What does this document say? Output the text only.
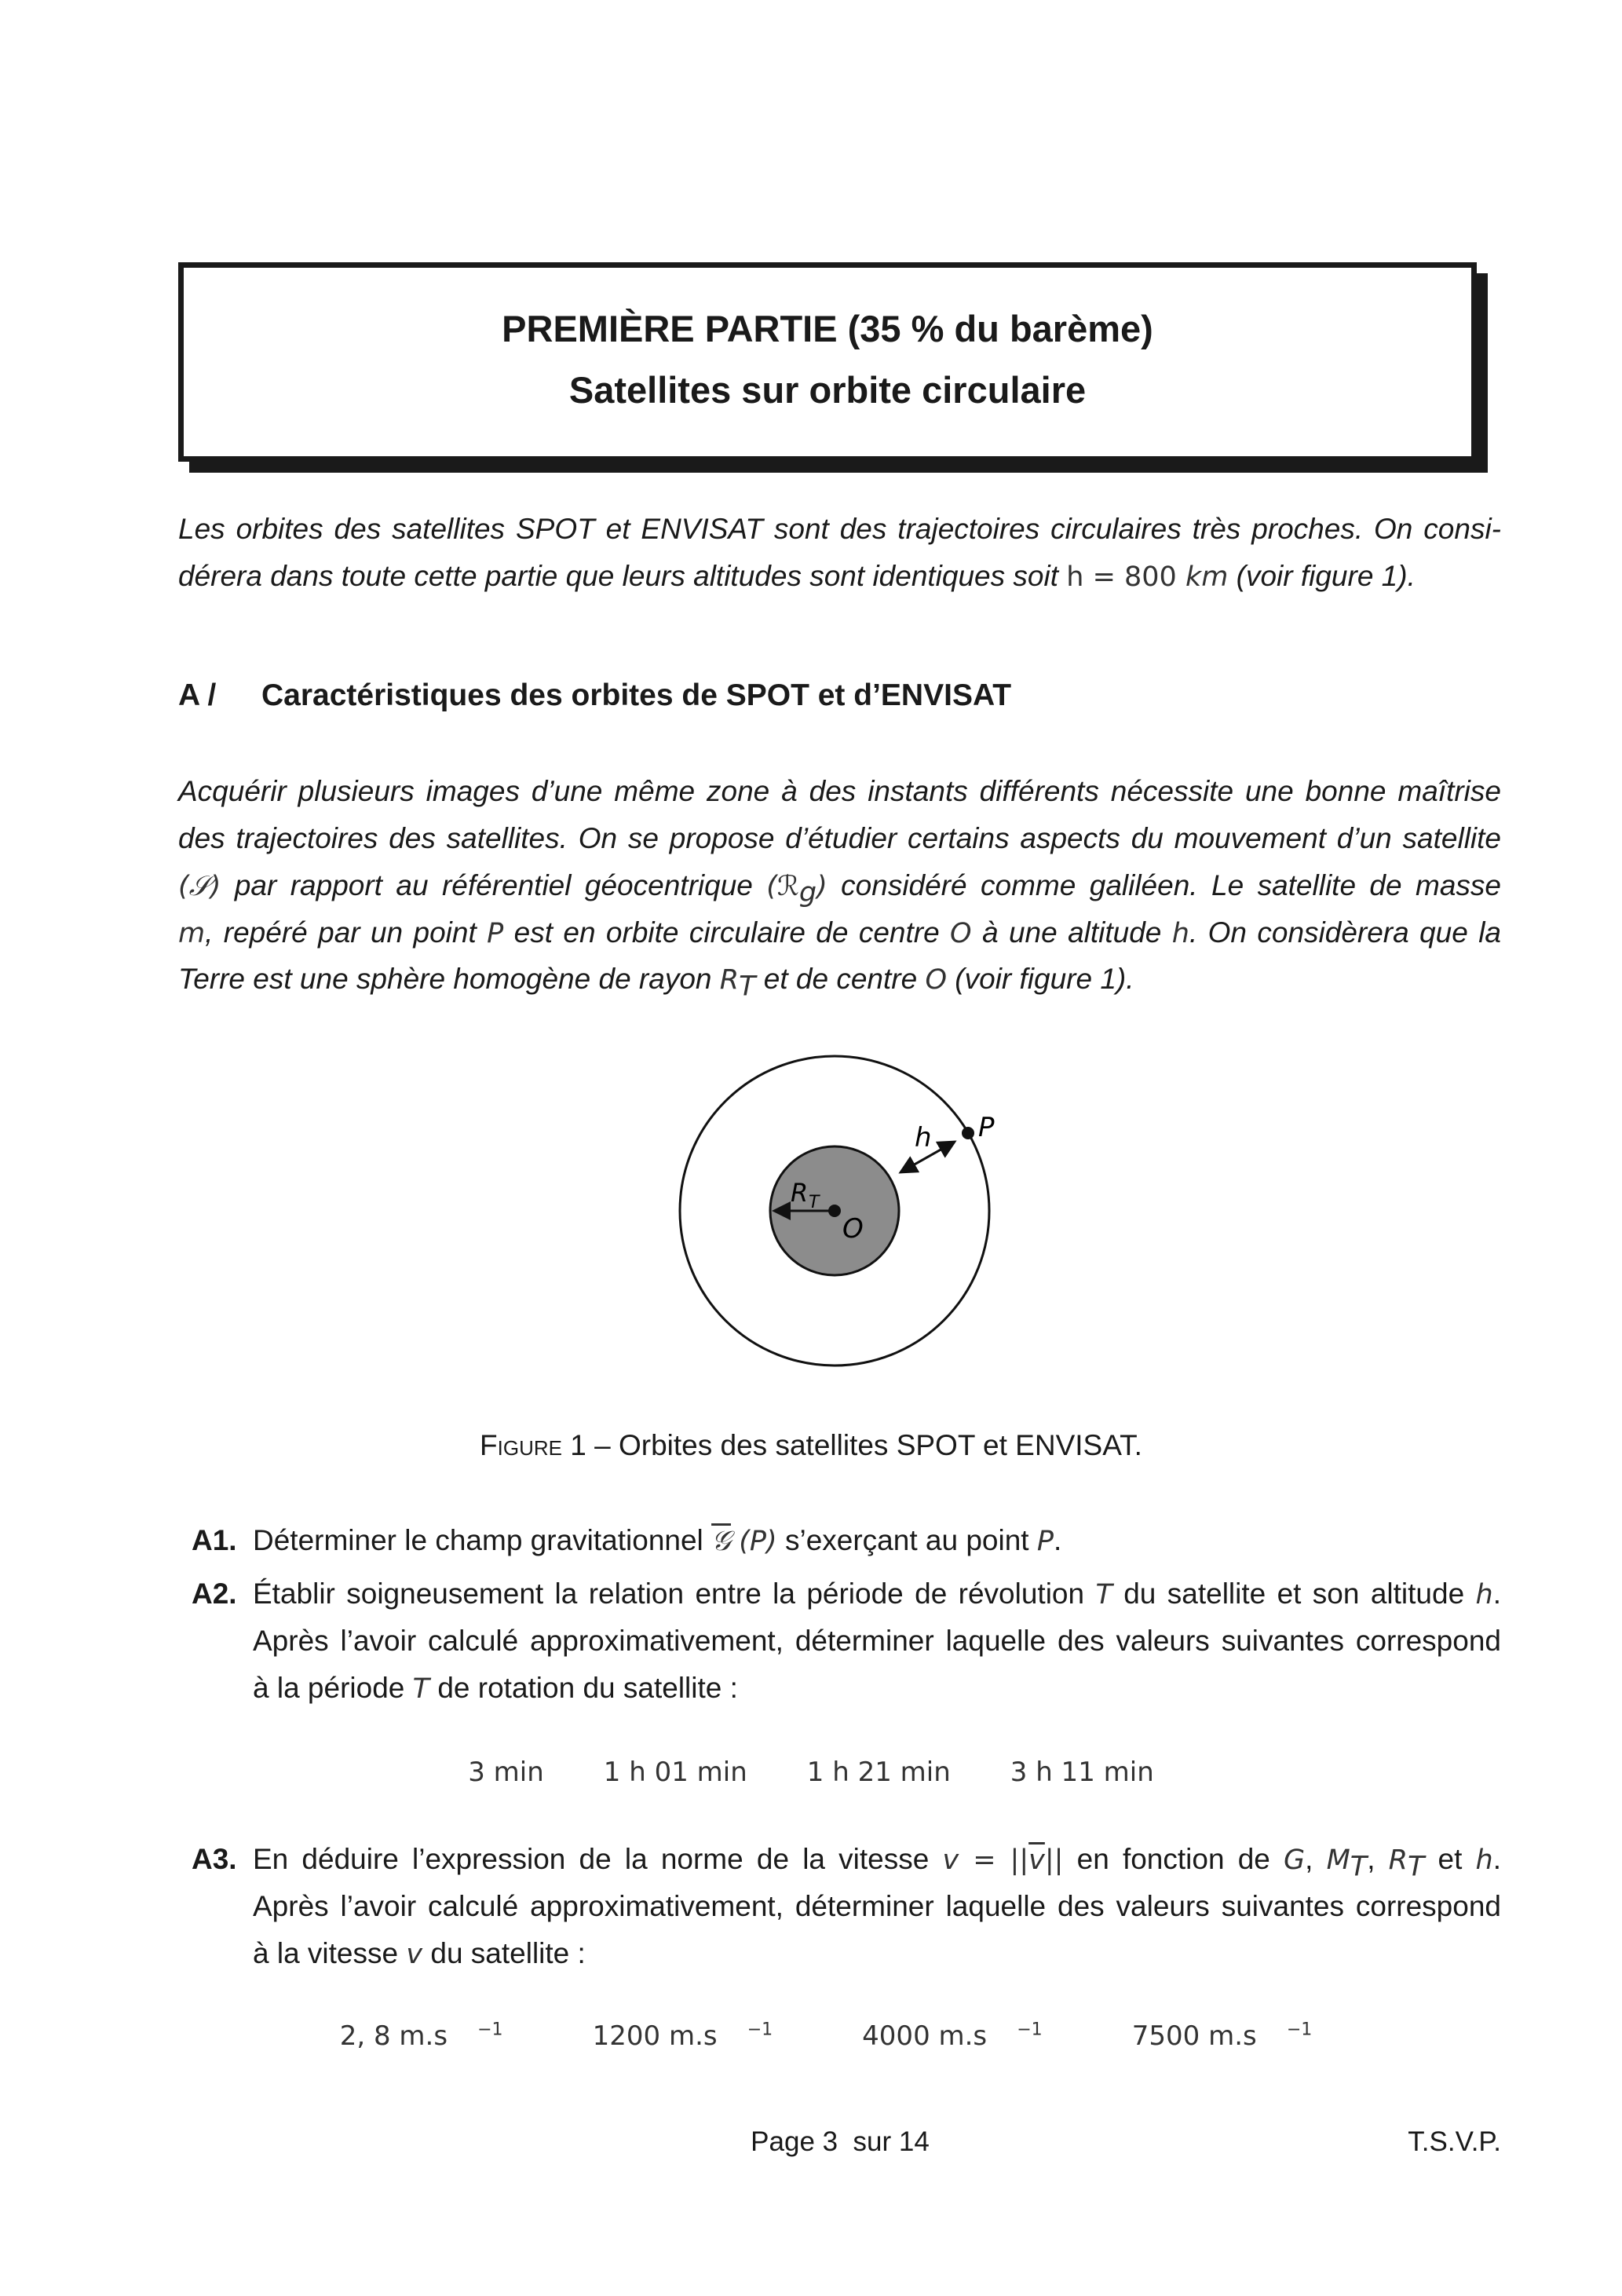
PREMIÈRE PARTIE (35 % du barème)
Satellites sur orbite circulaire
Les orbites des satellites SPOT et ENVISAT sont des trajectoires circulaires très proches. On consi-
dérera dans toute cette partie que leurs altitudes sont identiques soit h = 800 km (voir figure 1).
A / Caractéristiques des orbites de SPOT et d’ENVISAT
Acquérir plusieurs images d’une même zone à des instants différents nécessite une bonne maîtrise
des trajectoires des satellites. On se propose d’étudier certains aspects du mouvement d’un satellite
(𝒮) par rapport au référentiel géocentrique (ℛ$_g$) considéré comme galiléen. Le satellite de masse
m, repéré par un point P est en orbite circulaire de centre O à une altitude h. On considèrera que la
Terre est une sphère homogène de rayon $R_T$ et de centre O (voir figure 1).
h P
R T
O
Figure 1 – Orbites des satellites SPOT et ENVISAT.
A1. Déterminer le champ gravitationnel 𝒢 (P) s’exerçant au point P.
A2. Établir soigneusement la relation entre la période de révolution T du satellite et son altitude h.
Après l’avoir calculé approximativement, déterminer laquelle des valeurs suivantes correspond
à la période T de rotation du satellite :
3 min 1 h 01 min 1 h 21 min 3 h 11 min
A3. En déduire l’expression de la norme de la vitesse $v = ||\overline{v}||$ en fonction de G, $M_T$, $R_T$ et h.
Après l’avoir calculé approximativement, déterminer laquelle des valeurs suivantes correspond
à la vitesse v du satellite :
2, 8 m.s $^{-1}$	1200 m.s $^{-1}$	4000 m.s $^{-1}$	7500 m.s $^{-1}$
Page 3  sur 14	T.S.V.P.
